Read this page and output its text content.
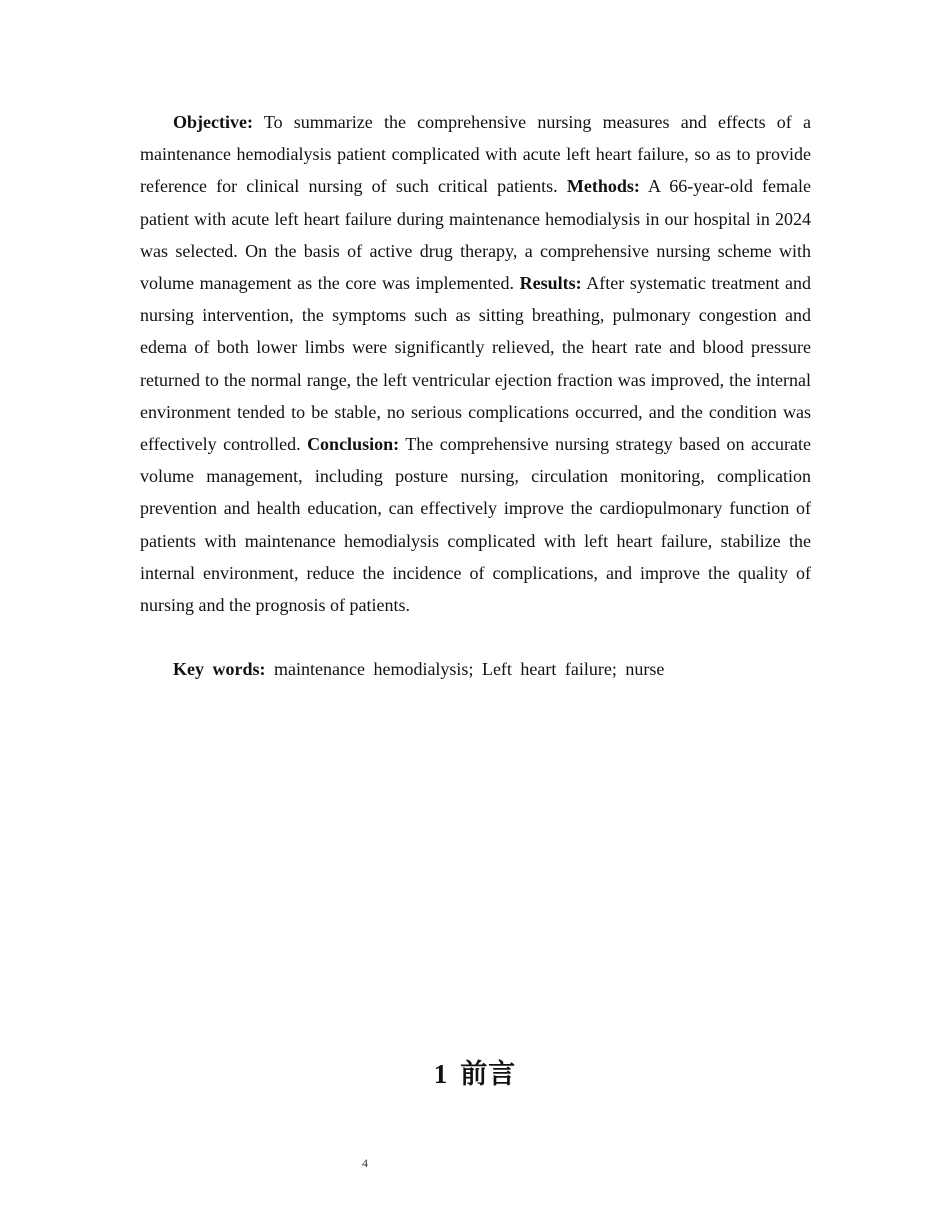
Objective: To summarize the comprehensive nursing measures and effects of a maintenance hemodialysis patient complicated with acute left heart failure, so as to provide reference for clinical nursing of such critical patients. Methods: A 66-year-old female patient with acute left heart failure during maintenance hemodialysis in our hospital in 2024 was selected. On the basis of active drug therapy, a comprehensive nursing scheme with volume management as the core was implemented. Results: After systematic treatment and nursing intervention, the symptoms such as sitting breathing, pulmonary congestion and edema of both lower limbs were significantly relieved, the heart rate and blood pressure returned to the normal range, the left ventricular ejection fraction was improved, the internal environment tended to be stable, no serious complications occurred, and the condition was effectively controlled. Conclusion: The comprehensive nursing strategy based on accurate volume management, including posture nursing, circulation monitoring, complication prevention and health education, can effectively improve the cardiopulmonary function of patients with maintenance hemodialysis complicated with left heart failure, stabilize the internal environment, reduce the incidence of complications, and improve the quality of nursing and the prognosis of patients.

Key words: maintenance hemodialysis; Left heart failure; nurse

1 前言
4
